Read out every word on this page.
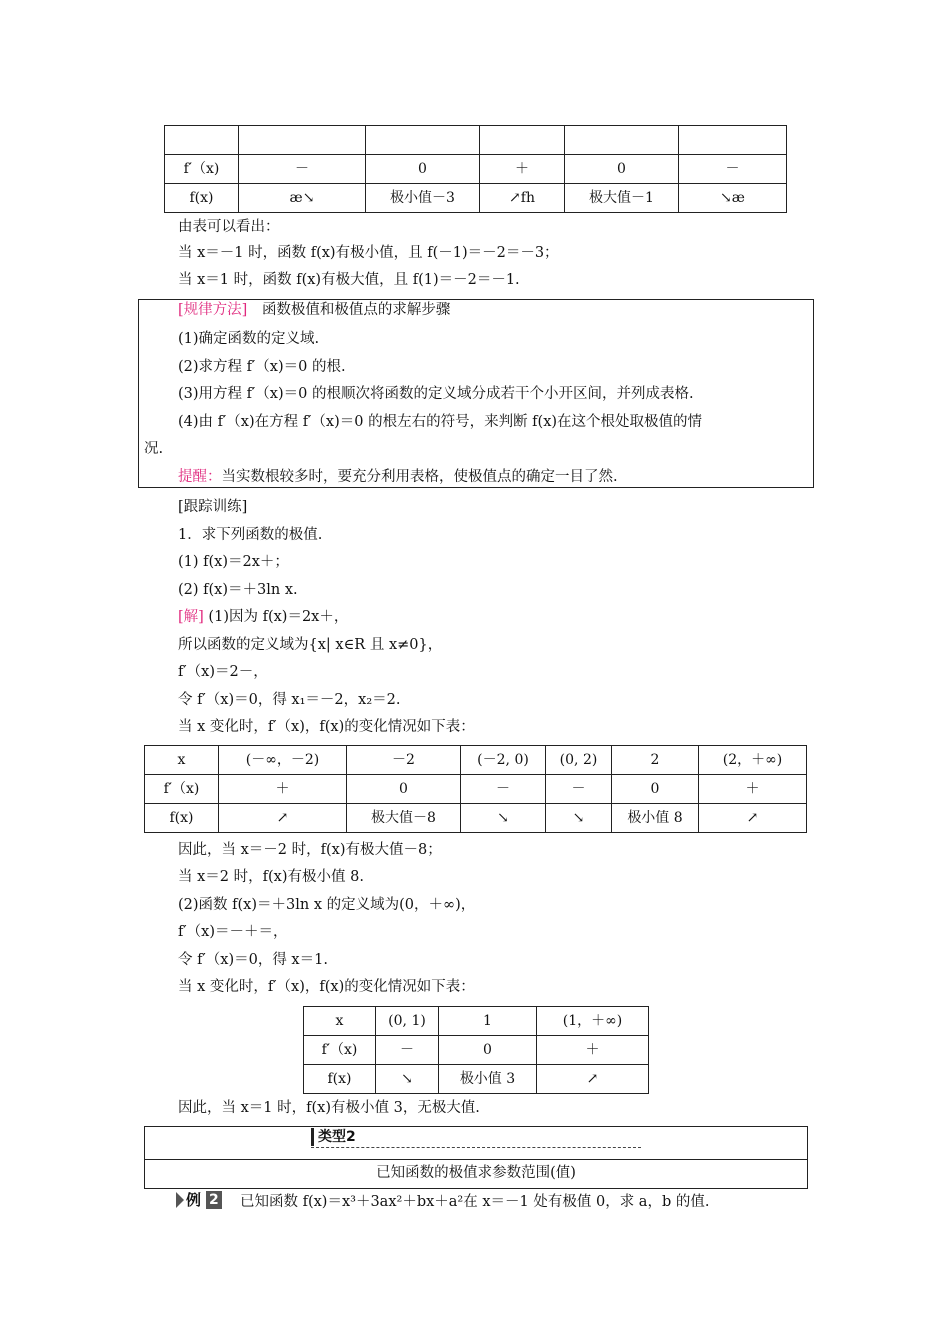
f′（x)	－	0	＋	0	－
f(x)	æ↘	极小值－3	↗fh	极大值－1	↘æ
由表可以看出：
当 x＝－1 时，函数 f(x)有极小值，且 f(－1)＝－2＝－3；
当 x＝1 时，函数 f(x)有极大值，且 f(1)＝－2＝－1.
[规律方法] 函数极值和极值点的求解步骤
(1)确定函数的定义域.
(2)求方程 f′（x)＝0 的根.
(3)用方程 f′（x)＝0 的根顺次将函数的定义域分成若干个小开区间，并列成表格.
(4)由 f′（x)在方程 f′（x)＝0 的根左右的符号，来判断 f(x)在这个根处取极值的情
况.
提醒：当实数根较多时，要充分利用表格，使极值点的确定一目了然.
[跟踪训练]
1．求下列函数的极值.
(1) f(x)＝2x＋；
(2) f(x)＝＋3ln x.
[解] (1)因为 f(x)＝2x＋，
所以函数的定义域为{x| x∈R 且 x≠0}，
f′（x)＝2－，
令 f′（x)＝0，得 x₁＝－2，x₂＝2.
当 x 变化时，f′（x)，f(x)的变化情况如下表：
x	(－∞，－2)	－2	(－2, 0)	(0, 2)	2	(2，＋∞)
f′（x)	＋	0	－	－	0	＋
f(x)	↗	极大值－8	↘	↘	极小值 8	↗
因此，当 x＝－2 时，f(x)有极大值－8；
当 x＝2 时，f(x)有极小值 8.
(2)函数 f(x)＝＋3ln x 的定义域为(0，＋∞)，
f′（x)＝－＋＝，
令 f′（x)＝0，得 x＝1.
当 x 变化时，f′（x)，f(x)的变化情况如下表：
x	(0, 1)	1	(1，＋∞)
f′（x)	－	0	＋
f(x)	↘	极小值 3	↗
因此，当 x＝1 时，f(x)有极小值 3，无极大值.
类型2
已知函数的极值求参数范围(值)
例 2 已知函数 f(x)＝x³＋3ax²＋bx＋a²在 x＝－1 处有极值 0，求 a，b 的值.
